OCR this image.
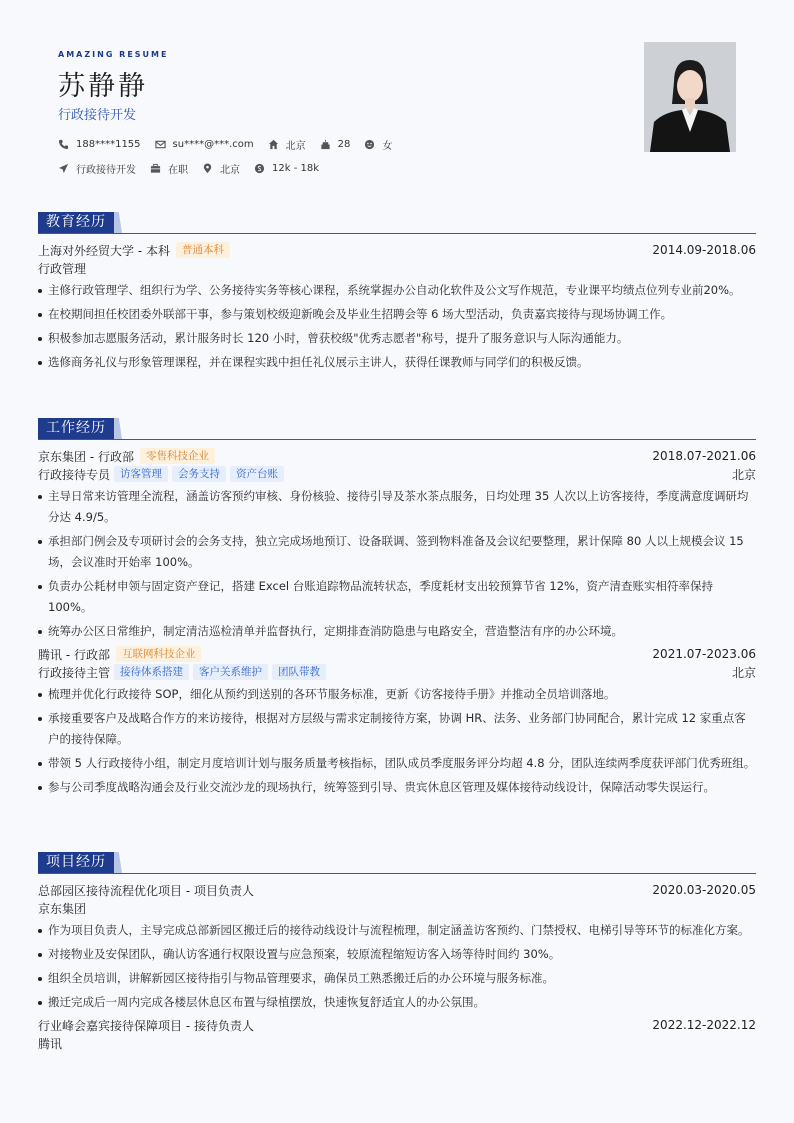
AMAZING RESUME
苏静静
行政接待开发
188****1155	su****@***.com	北京	28	女
行政接待开发	在职	北京	12k - 18k
教育经历
上海对外经贸大学 - 本科	普通本科	2014.09-2018.06
行政管理
主修行政管理学、组织行为学、公务接待实务等核心课程，系统掌握办公自动化软件及公文写作规范，专业课平均绩点位列专业前20%。
在校期间担任校团委外联部干事，参与策划校级迎新晚会及毕业生招聘会等 6 场大型活动，负责嘉宾接待与现场协调工作。
积极参加志愿服务活动，累计服务时长 120 小时，曾获校级"优秀志愿者"称号，提升了服务意识与人际沟通能力。
选修商务礼仪与形象管理课程，并在课程实践中担任礼仪展示主讲人，获得任课教师与同学们的积极反馈。
工作经历
京东集团 - 行政部	零售科技企业	2018.07-2021.06
行政接待专员 访客管理	会务支持	资产台账	北京
主导日常来访管理全流程，涵盖访客预约审核、身份核验、接待引导及茶水茶点服务，日均处理 35 人次以上访客接待，季度满意度调研均分达 4.9/5。
承担部门例会及专项研讨会的会务支持，独立完成场地预订、设备联调、签到物料准备及会议纪要整理，累计保障 80 人以上规模会议 15 场，会议准时开始率 100%。
负责办公耗材申领与固定资产登记，搭建 Excel 台账追踪物品流转状态，季度耗材支出较预算节省 12%，资产清查账实相符率保持 100%。
统筹办公区日常维护，制定清洁巡检清单并监督执行，定期排查消防隐患与电路安全，营造整洁有序的办公环境。
腾讯 - 行政部	互联网科技企业	2021.07-2023.06
行政接待主管 接待体系搭建	客户关系维护	团队带教	北京
梳理并优化行政接待 SOP，细化从预约到送别的各环节服务标准，更新《访客接待手册》并推动全员培训落地。
承接重要客户及战略合作方的来访接待，根据对方层级与需求定制接待方案，协调 HR、法务、业务部门协同配合，累计完成 12 家重点客户的接待保障。
带领 5 人行政接待小组，制定月度培训计划与服务质量考核指标，团队成员季度服务评分均超 4.8 分，团队连续两季度获评部门优秀班组。
参与公司季度战略沟通会及行业交流沙龙的现场执行，统筹签到引导、贵宾休息区管理及媒体接待动线设计，保障活动零失误运行。
项目经历
总部园区接待流程优化项目 - 项目负责人	2020.03-2020.05
京东集团
作为项目负责人，主导完成总部新园区搬迁后的接待动线设计与流程梳理，制定涵盖访客预约、门禁授权、电梯引导等环节的标准化方案。
对接物业及安保团队，确认访客通行权限设置与应急预案，较原流程缩短访客入场等待时间约 30%。
组织全员培训，讲解新园区接待指引与物品管理要求，确保员工熟悉搬迁后的办公环境与服务标准。
搬迁完成后一周内完成各楼层休息区布置与绿植摆放，快速恢复舒适宜人的办公氛围。
行业峰会嘉宾接待保障项目 - 接待负责人	2022.12-2022.12
腾讯
